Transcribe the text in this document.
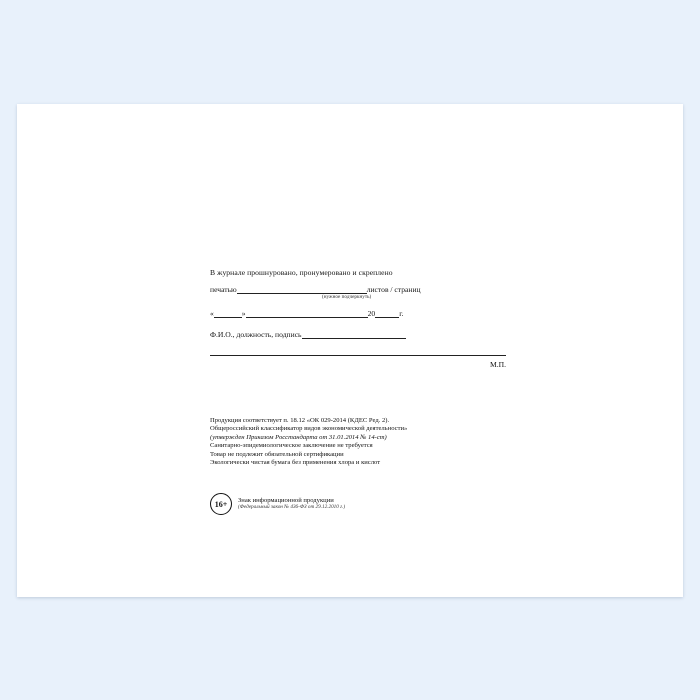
В журнале прошнуровано, пронумеровано и скреплено

печатью	листов / страниц

(нужное подчеркнуть)

«	»	20	г.

Ф.И.О., должность, подпись

М.П.

Продукция соответствует п. 18.12 «ОК 029-2014 (КДЕС Ред. 2).

Общероссийский классификатор видов экономической деятельности»

(утвержден Приказом Росстандарта от 31.01.2014 № 14-ст)

Санитарно-эпидемиологическое заключение не требуется

Товар не подлежит обязательной сертификации

Экологически чистая бумага без применения хлора и кислот

16+	Знак информационной продукции
(Федеральный закон № 436-ФЗ от 29.12.2010 г.)
